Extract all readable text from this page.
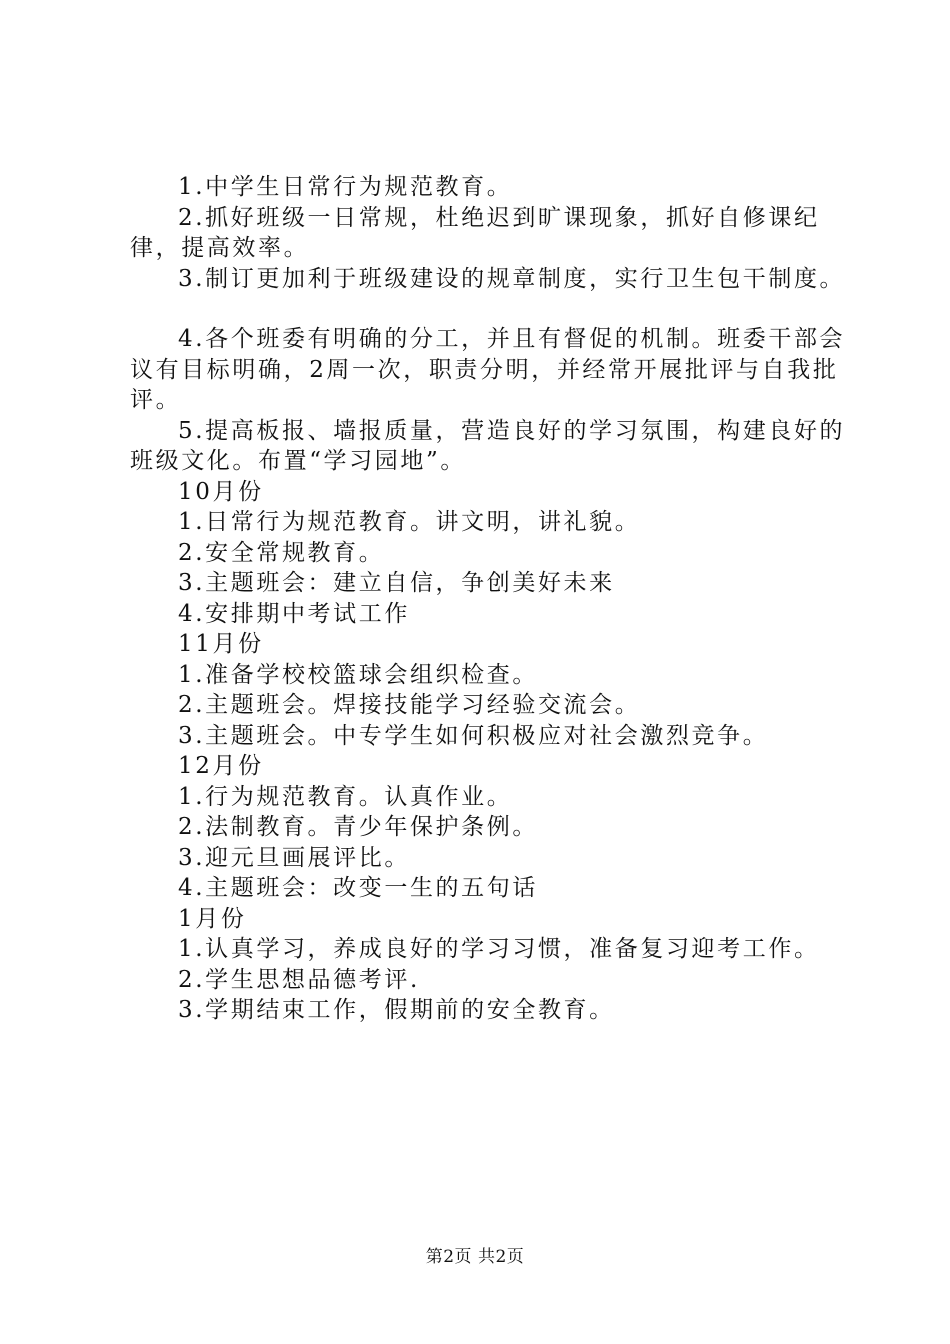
1.中学生日常行为规范教育。

2.抓好班级一日常规，杜绝迟到旷课现象，抓好自修课纪律，提高效率。

3.制订更加利于班级建设的规章制度，实行卫生包干制度。

4.各个班委有明确的分工，并且有督促的机制。班委干部会议有目标明确，2周一次，职责分明，并经常开展批评与自我批评。

5.提高板报、墙报质量，营造良好的学习氛围，构建良好的班级文化。布置“学习园地”。

10月份

1.日常行为规范教育。讲文明，讲礼貌。

2.安全常规教育。

3.主题班会：建立自信，争创美好未来

4.安排期中考试工作

11月份

1.准备学校校篮球会组织检查。

2.主题班会。焊接技能学习经验交流会。

3.主题班会。中专学生如何积极应对社会激烈竞争。

12月份

1.行为规范教育。认真作业。

2.法制教育。青少年保护条例。

3.迎元旦画展评比。

4.主题班会：改变一生的五句话

1月份

1.认真学习，养成良好的学习习惯，准备复习迎考工作。

2.学生思想品德考评.

3.学期结束工作，假期前的安全教育。

第2页 共2页
